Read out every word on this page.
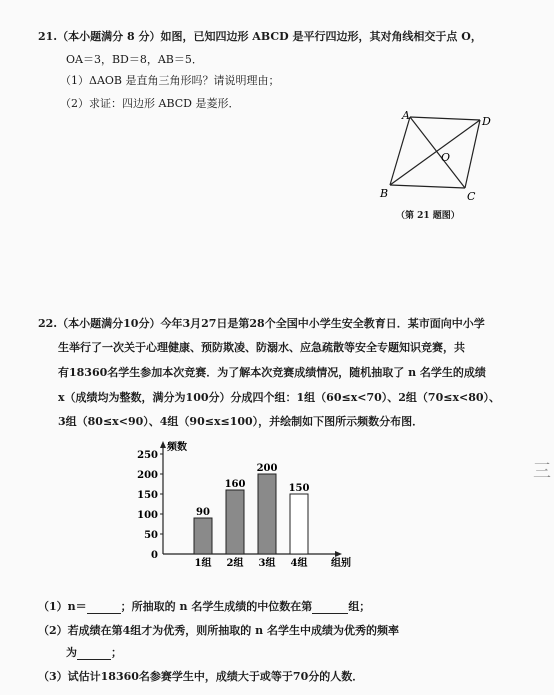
21.（本小题满分 8 分）如图，已知四边形 ABCD 是平行四边形，其对角线相交于点 O，
OA＝3，BD＝8，AB＝5．
（1）ΔAOB 是直角三角形吗？请说明理由；
（2）求证：四边形 ABCD 是菱形．
A
B	C
D
O
（第 21 题图）
22.（本小题满分10分）今年3月27日是第28个全国中小学生安全教育日．某市面向中小学
生举行了一次关于心理健康、预防欺凌、防溺水、应急疏散等安全专题知识竞赛，共
有18360名学生参加本次竞赛．为了解本次竞赛成绩情况，随机抽取了 n 名学生的成绩
x（成绩均为整数，满分为100分）分成四个组：1组（60≤x<70）、2组（70≤x<80）、
3组（80≤x<90）、4组（90≤x≤100），并绘制如下图所示频数分布图．
频数
组别
0
50
100
150
200
250
90
1组
160
2组
200
3组
150
4组
三
（1）n＝	；所抽取的 n 名学生成绩的中位数在第	组；
（2）若成绩在第4组才为优秀，则所抽取的 n 名学生中成绩为优秀的频率
为	；
（3）试估计18360名参赛学生中，成绩大于或等于70分的人数．
